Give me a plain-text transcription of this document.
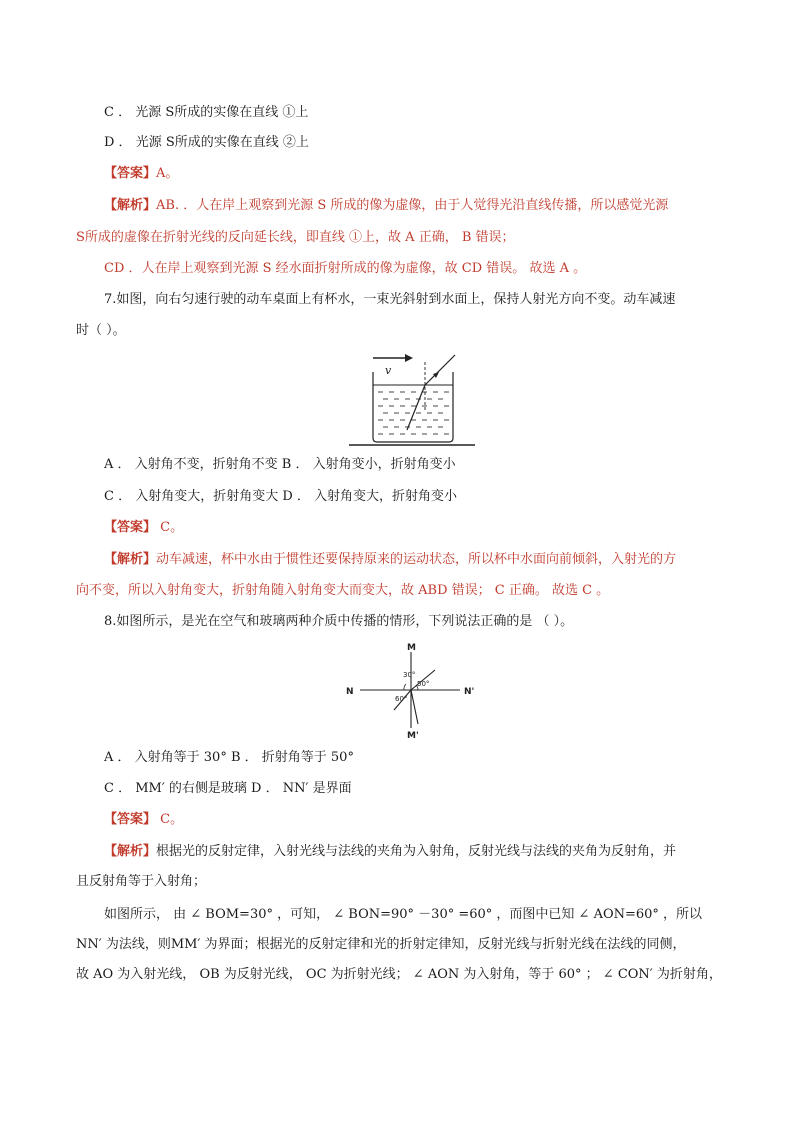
C ． 光源 S所成的实像在直线 ①上
D ． 光源 S所成的实像在直线 ②上
【答案】A。
【解析】AB. ．人在岸上观察到光源 S 所成的像为虚像，由于人觉得光沿直线传播，所以感觉光源
S所成的虚像在折射光线的反向延长线，即直线 ①上，故 A 正确， B 错误；
CD ．人在岸上观察到光源 S 经水面折射所成的像为虚像，故 CD 错误。 故选 A 。
7.如图，向右匀速行驶的动车桌面上有杯水，一束光斜射到水面上，保持人射光方向不变。动车减速
时（ ）。
v
A ． 入射角不变，折射角不变 B ． 入射角变小，折射角变小
C ． 入射角变大，折射角变大 D ． 入射角变大，折射角变小
【答案】 C。
【解析】动车减速，杯中水由于惯性还要保持原来的运动状态，所以杯中水面向前倾斜，入射光的方
向不变，所以入射角变大，折射角随入射角变大而变大，故 ABD 错误； C 正确。 故选 C 。
8.如图所示，是光在空气和玻璃两种介质中传播的情形，下列说法正确的是 （ ）。
M
M'
N	N'
30°
50°
60°
A ． 入射角等于 30° B ． 折射角等于 50°
C ． MM′ 的右侧是玻璃 D ． NN′ 是界面
【答案】 C。
【解析】根据光的反射定律，入射光线与法线的夹角为入射角，反射光线与法线的夹角为反射角，并
且反射角等于入射角；
如图所示， 由 ∠ BOM=30° ，可知， ∠ BON=90° －30° =60° ，而图中已知 ∠ AON=60° ，所以
NN′ 为法线，则MM′ 为界面；根据光的反射定律和光的折射定律知，反射光线与折射光线在法线的同侧，
故 AO 为入射光线， OB 为反射光线， OC 为折射光线； ∠ AON 为入射角，等于 60° ； ∠ CON′ 为折射角，
